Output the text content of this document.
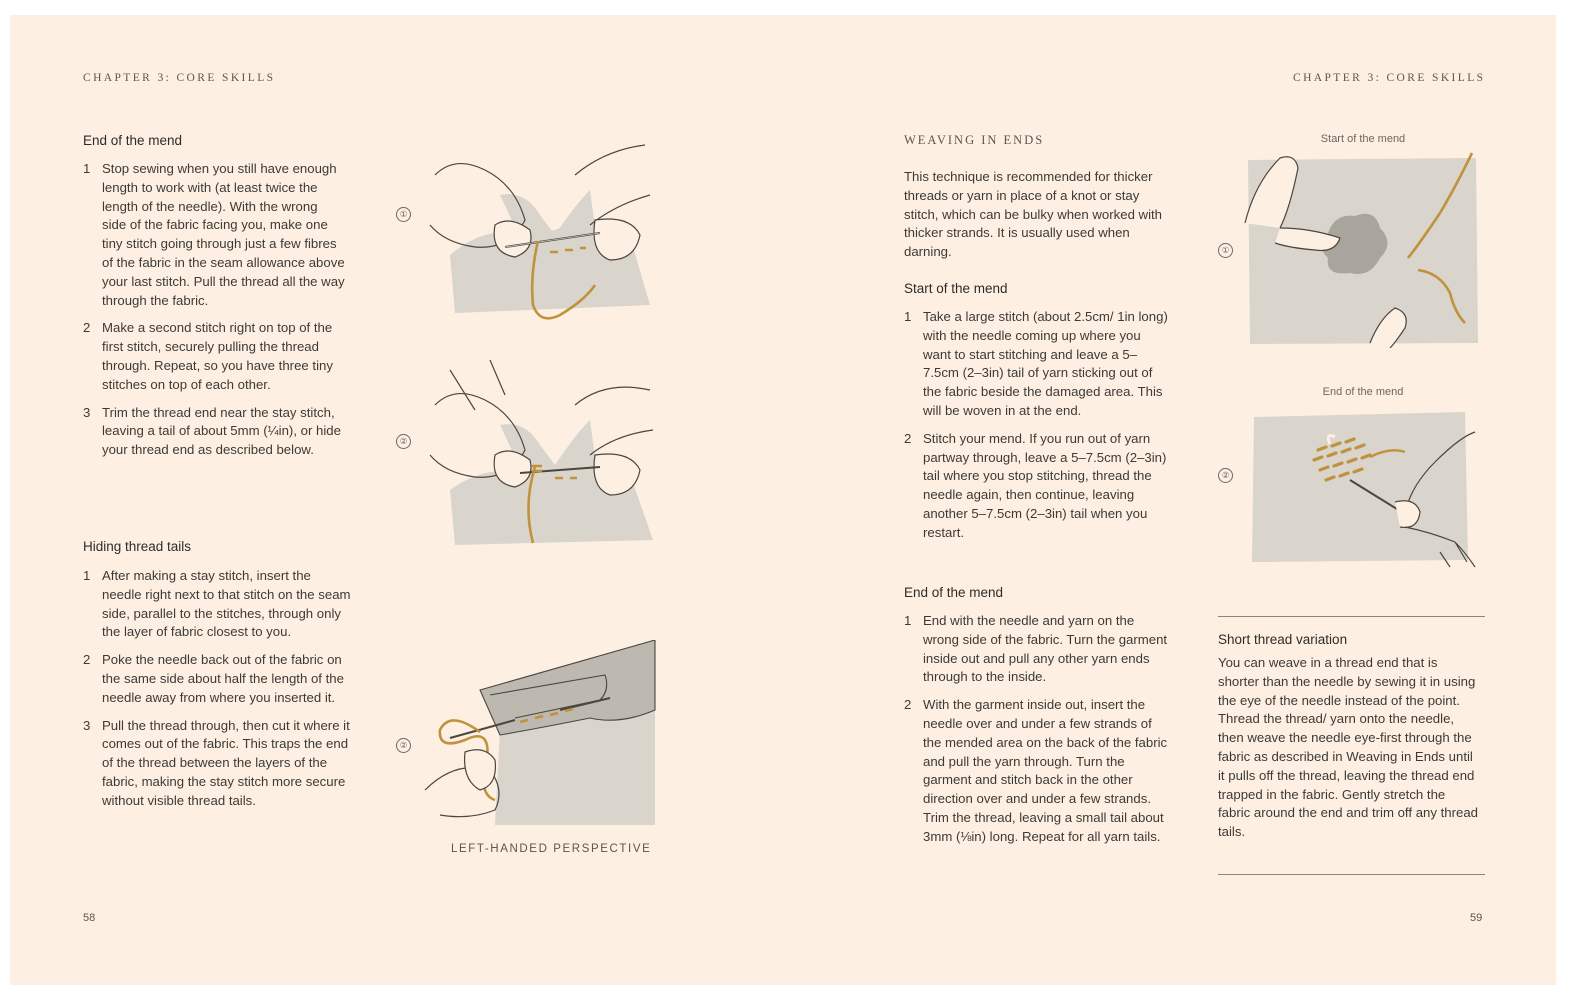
CHAPTER 3: CORE SKILLS
End of the mend
1 Stop sewing when you still have enough length to work with (at least twice the length of the needle). With the wrong side of the fabric facing you, make one tiny stitch going through just a few fibres of the fabric in the seam allowance above your last stitch. Pull the thread all the way through the fabric.
2 Make a second stitch right on top of the first stitch, securely pulling the thread through. Repeat, so you have three tiny stitches on top of each other.
3 Trim the thread end near the stay stitch, leaving a tail of about 5mm (¼in), or hide your thread end as described below.
Hiding thread tails
1 After making a stay stitch, insert the needle right next to that stitch on the seam side, parallel to the stitches, through only the layer of fabric closest to you.
2 Poke the needle back out of the fabric on the same side about half the length of the needle away from where you inserted it.
3 Pull the thread through, then cut it where it comes out of the fabric. This traps the end of the thread between the layers of the fabric, making the stay stitch more secure without visible thread tails.
①
②
②
LEFT-HANDED PERSPECTIVE
58
CHAPTER 3: CORE SKILLS
WEAVING IN ENDS
This technique is recommended for thicker threads or yarn in place of a knot or stay stitch, which can be bulky when worked with thicker strands. It is usually used when darning.
Start of the mend
1 Take a large stitch (about 2.5cm/ 1in long) with the needle coming up where you want to start stitching and leave a 5–7.5cm (2–3in) tail of yarn sticking out of the fabric beside the damaged area. This will be woven in at the end.
2 Stitch your mend. If you run out of yarn partway through, leave a 5–7.5cm (2–3in) tail where you stop stitching, thread the needle again, then continue, leaving another 5–7.5cm (2–3in) tail when you restart.
End of the mend
1 End with the needle and yarn on the wrong side of the fabric. Turn the garment inside out and pull any other yarn ends through to the inside.
2 With the garment inside out, insert the needle over and under a few strands of the mended area on the back of the fabric and pull the yarn through. Turn the garment and stitch back in the other direction over and under a few strands. Trim the thread, leaving a small tail about 3mm (⅛in) long. Repeat for all yarn tails.
Start of the mend
①
End of the mend
②
Short thread variation
You can weave in a thread end that is shorter than the needle by sewing it in using the eye of the needle instead of the point. Thread the thread/ yarn onto the needle, then weave the needle eye-first through the fabric as described in Weaving in Ends until it pulls off the thread, leaving the thread end trapped in the fabric. Gently stretch the fabric around the end and trim off any thread tails.
59
